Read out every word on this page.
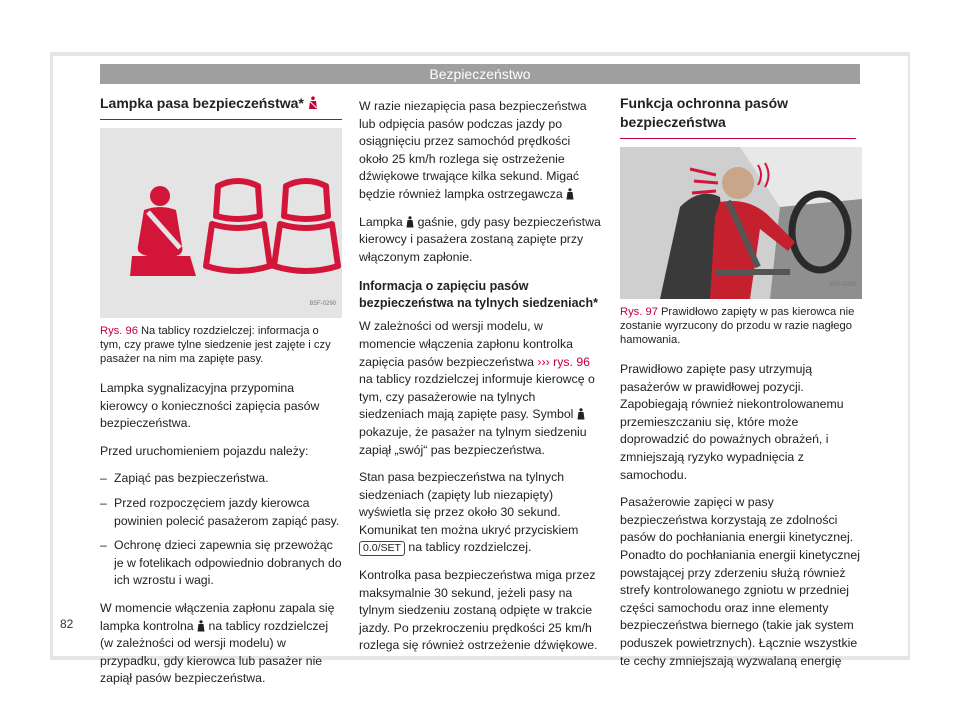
Bezpieczeństwo
Lampka pasa bezpieczeństwa*
B5F-0290
Rys. 96 Na tablicy rozdzielczej: informacja o tym, czy prawe tylne siedzenie jest zajęte i czy pasażer na nim ma zapięte pasy.

Lampka sygnalizacyjna przypomina kierowcy o konieczności zapięcia pasów bezpieczeństwa.

Przed uruchomieniem pojazdu należy:

– Zapiąć pas bezpieczeństwa.
– Przed rozpoczęciem jazdy kierowca powinien polecić pasażerom zapiąć pasy.
– Ochronę dzieci zapewnia się przewożąc je w fotelikach odpowiednio dobranych do ich wzrostu i wagi.

W momencie włączenia zapłonu zapala się lampka kontrolna na tablicy rozdzielczej (w zależności od wersji modelu) w przypadku, gdy kierowca lub pasażer nie zapiął pasów bezpieczeństwa.

W razie niezapięcia pasa bezpieczeństwa lub odpięcia pasów podczas jazdy po osiągnięciu przez samochód prędkości około 25 km/h rozlega się ostrzeżenie dźwiękowe trwające kilka sekund. Migać będzie również lampka ostrzegawcza

Lampka gaśnie, gdy pasy bezpieczeństwa kierowcy i pasażera zostaną zapięte przy włączonym zapłonie.

Informacja o zapięciu pasów bezpieczeństwa na tylnych siedzeniach*

W zależności od wersji modelu, w momencie włączenia zapłonu kontrolka zapięcia pasów bezpieczeństwa ››› rys. 96 na tablicy rozdzielczej informuje kierowcę o tym, czy pasażerowie na tylnych siedzeniach mają zapięte pasy. Symbol  pokazuje, że pasażer na tylnym siedzeniu zapiął „swój“ pas bezpieczeństwa.

Stan pasa bezpieczeństwa na tylnych siedzeniach (zapięty lub niezapięty) wyświetla się przez około 30 sekund. Komunikat ten można ukryć przyciskiem 0.0/SET na tablicy rozdzielczej.

Kontrolka pasa bezpieczeństwa miga przez maksymalnie 30 sekund, jeżeli pasy na tylnym siedzeniu zostaną odpięte w trakcie jazdy. Po przekroczeniu prędkości 25 km/h rozlega się również ostrzeżenie dźwiękowe.

Funkcja ochronna pasów bezpieczeństwa
B5F-0295
Rys. 97 Prawidłowo zapięty w pas kierowca nie zostanie wyrzucony do przodu w razie nagłego hamowania.

Prawidłowo zapięte pasy utrzymują pasażerów w prawidłowej pozycji. Zapobiegają również niekontrolowanemu przemieszczaniu się, które może doprowadzić do poważnych obrażeń, i zmniejszają ryzyko wypadnięcia z samochodu.

Pasażerowie zapięci w pasy bezpieczeństwa korzystają ze zdolności pasów do pochłaniania energii kinetycznej. Ponadto do pochłaniania energii kinetycznej powstającej przy zderzeniu służą również strefy kontrolowanego zgniotu w przedniej części samochodu oraz inne elementy bezpieczeństwa biernego (takie jak system poduszek powietrznych). Łącznie wszystkie te cechy zmniejszają wyzwalaną energię

82
